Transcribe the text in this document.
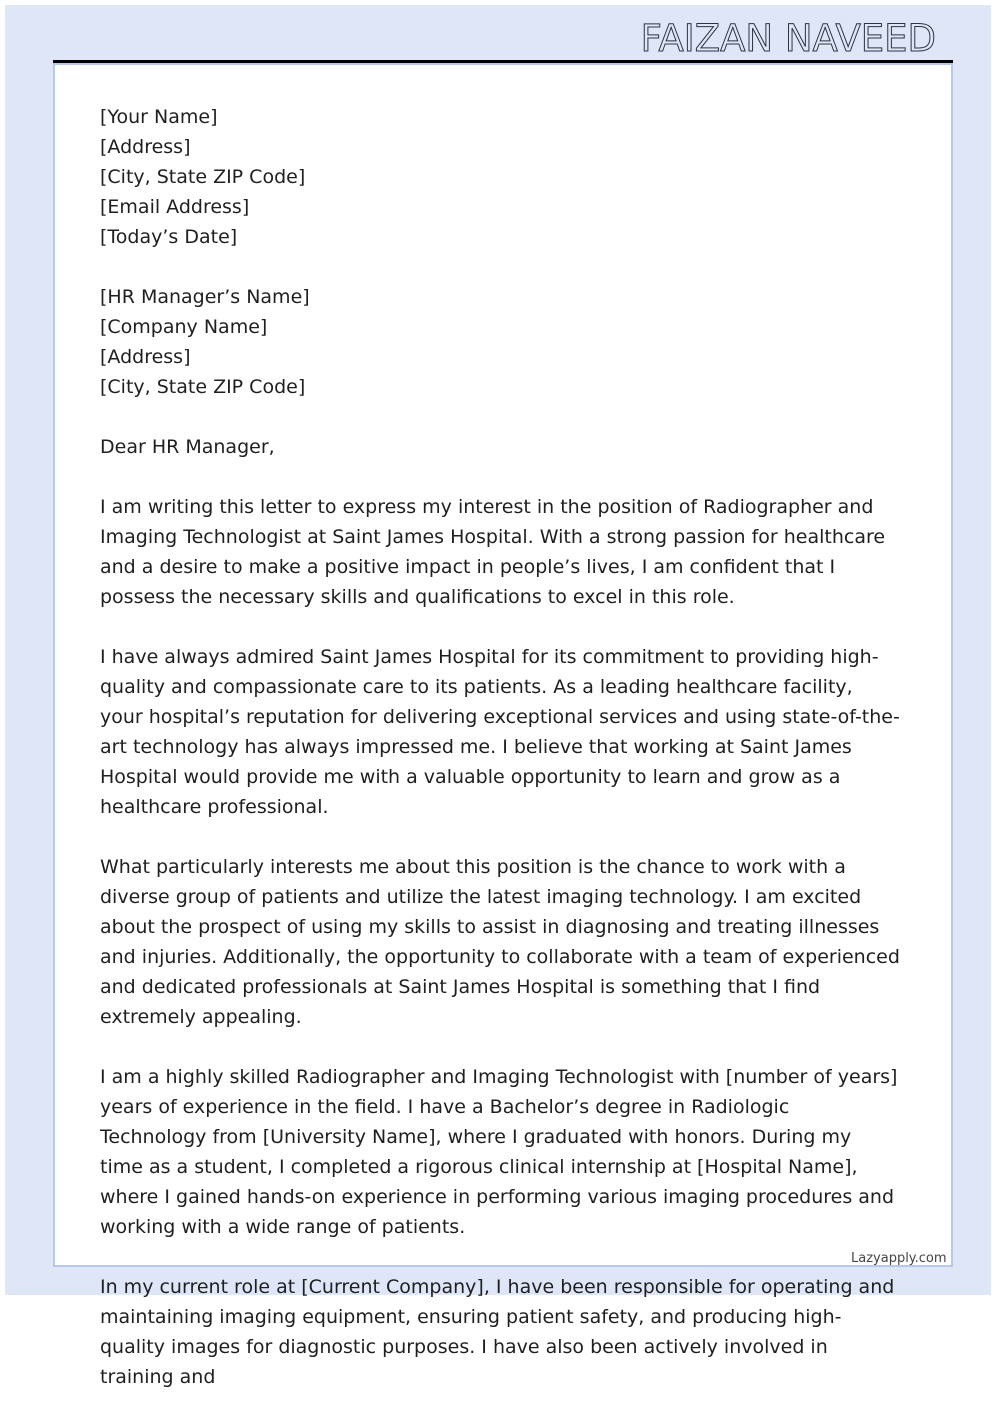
FAIZAN NAVEED
[Your Name]
[Address]
[City, State ZIP Code]
[Email Address]
[Today’s Date]
[HR Manager’s Name]
[Company Name]
[Address]
[City, State ZIP Code]

Dear HR Manager,

I am writing this letter to express my interest in the position of Radiographer and Imaging Technologist at Saint James Hospital. With a strong passion for healthcare and a desire to make a positive impact in people’s lives, I am confident that I possess the necessary skills and qualifications to excel in this role.

I have always admired Saint James Hospital for its commitment to providing high-quality and compassionate care to its patients. As a leading healthcare facility, your hospital’s reputation for delivering exceptional services and using state-of-the-art technology has always impressed me. I believe that working at Saint James Hospital would provide me with a valuable opportunity to learn and grow as a healthcare professional.

What particularly interests me about this position is the chance to work with a diverse group of patients and utilize the latest imaging technology. I am excited about the prospect of using my skills to assist in diagnosing and treating illnesses and injuries. Additionally, the opportunity to collaborate with a team of experienced and dedicated professionals at Saint James Hospital is something that I find extremely appealing.

I am a highly skilled Radiographer and Imaging Technologist with [number of years] years of experience in the field. I have a Bachelor’s degree in Radiologic Technology from [University Name], where I graduated with honors. During my time as a student, I completed a rigorous clinical internship at [Hospital Name], where I gained hands-on experience in performing various imaging procedures and working with a wide range of patients.

In my current role at [Current Company], I have been responsible for operating and maintaining imaging equipment, ensuring patient safety, and producing high-quality images for diagnostic purposes. I have also been actively involved in training and

Lazyapply.com
